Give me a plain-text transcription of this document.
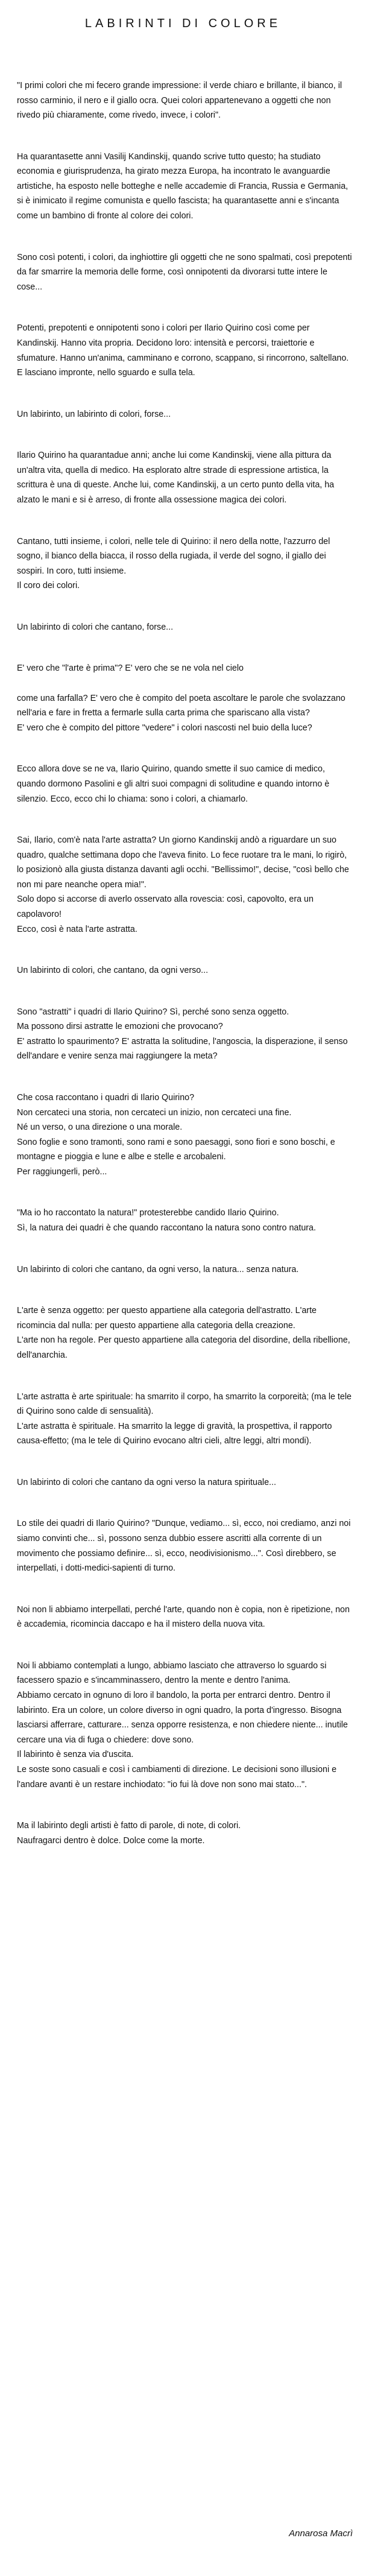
LABIRINTI DI COLORE

"I primi colori che mi fecero grande impressione: il verde chiaro e brillante, il bianco, il rosso carminio, il nero e il giallo ocra. Quei colori appartenevano a oggetti che non rivedo più chiaramente, come rivedo, invece, i colori".

Ha quarantasette anni Vasilij Kandinskij, quando scrive tutto questo; ha studiato economia e giurisprudenza, ha girato mezza Europa, ha incontrato le avanguardie artistiche, ha esposto nelle botteghe e nelle accademie di Francia, Russia e Germania, si è inimicato il regime comunista e quello fascista; ha quarantasette anni e s'incanta come un bambino di fronte al colore dei colori.

Sono così potenti, i colori, da inghiottire gli oggetti che ne sono spalmati, così prepotenti da far smarrire la memoria delle forme, così onnipotenti da divorarsi tutte intere le cose...

Potenti, prepotenti e onnipotenti sono i colori per Ilario Quirino così come per Kandinskij. Hanno vita propria. Decidono loro: intensità e percorsi, traiettorie e sfumature. Hanno un'anima, camminano e corrono, scappano, si rincorrono, saltellano. E lasciano impronte, nello sguardo e sulla tela.

Un labirinto, un labirinto di colori, forse...

Ilario Quirino ha quarantadue anni; anche lui come Kandinskij, viene alla pittura da un'altra vita, quella di medico. Ha esplorato altre strade di espressione artistica, la scrittura è una di queste. Anche lui, come Kandinskij, a un certo punto della vita, ha alzato le mani e si è arreso, di fronte alla ossessione magica dei colori.

Cantano, tutti insieme, i colori, nelle tele di Quirino: il nero della notte, l'azzurro del sogno, il bianco della biacca, il rosso della rugiada, il verde del sogno, il giallo dei sospiri. In coro, tutti insieme.
Il coro dei colori.

Un labirinto di colori che cantano, forse...

E' vero che "l'arte è prima"? E' vero che se ne vola nel cielo

come una farfalla? E' vero che è compito del poeta ascoltare le parole che svolazzano nell'aria e fare in fretta a fermarle sulla carta prima che spariscano alla vista?
E' vero che è compito del pittore "vedere" i colori nascosti nel buio della luce?

Ecco allora dove se ne va, Ilario Quirino, quando smette il suo camice di medico, quando dormono Pasolini e gli altri suoi compagni di solitudine e quando intorno è silenzio. Ecco, ecco chi lo chiama: sono i colori, a chiamarlo.

Sai, Ilario, com'è nata l'arte astratta? Un giorno Kandinskij andò a riguardare un suo quadro, qualche settimana dopo che l'aveva finito. Lo fece ruotare tra le mani, lo rigirò, lo posizionò alla giusta distanza davanti agli occhi. "Bellissimo!", decise, "così bello che non mi pare neanche opera mia!".
Solo dopo si accorse di averlo osservato alla rovescia: così, capovolto, era un capolavoro!
Ecco, così è nata l'arte astratta.

Un labirinto di colori, che cantano, da ogni verso...

Sono "astratti" i quadri di Ilario Quirino? Sì, perché sono senza oggetto.
Ma possono dirsi astratte le emozioni che provocano?
E' astratto lo spaurimento? E' astratta la solitudine, l'angoscia, la disperazione, il senso dell'andare e venire senza mai raggiungere la meta?

Che cosa raccontano i quadri di Ilario Quirino?
Non cercateci una storia, non cercateci un inizio, non cercateci una fine.
Né un verso, o una direzione o una morale.
Sono foglie e sono tramonti, sono rami e sono paesaggi, sono fiori e sono boschi, e montagne e pioggia e lune e albe e stelle e arcobaleni.
Per raggiungerli, però...

"Ma io ho raccontato la natura!" protesterebbe candido Ilario Quirino.
Sì, la natura dei quadri è che quando raccontano la natura sono contro natura.

Un labirinto di colori che cantano, da ogni verso, la natura... senza natura.

L'arte è senza oggetto: per questo appartiene alla categoria dell'astratto. L'arte ricomincia dal nulla: per questo appartiene alla categoria della creazione.
L'arte non ha regole. Per questo appartiene alla categoria del disordine, della ribellione, dell'anarchia.

L'arte astratta è arte spirituale: ha smarrito il corpo, ha smarrito la corporeità; (ma le tele di Quirino sono calde di sensualità).
L'arte astratta è spirituale. Ha smarrito la legge di gravità, la prospettiva, il rapporto causa-effetto; (ma le tele di Quirino evocano altri cieli, altre leggi, altri mondi).

Un labirinto di colori che cantano da ogni verso la natura spirituale...

Lo stile dei quadri di Ilario Quirino? "Dunque, vediamo... sì, ecco, noi crediamo, anzi noi siamo convinti che... sì, possono senza dubbio essere ascritti alla corrente di un movimento che possiamo definire... sì, ecco, neodivisionismo...". Così direbbero, se interpellati, i dotti-medici-sapienti di turno.

Noi non li abbiamo interpellati, perché l'arte, quando non è copia, non è ripetizione, non è accademia, ricomincia daccapo e ha il mistero della nuova vita.

Noi li abbiamo contemplati a lungo, abbiamo lasciato che attraverso lo sguardo si facessero spazio e s'incamminassero, dentro la mente e dentro l'anima.
Abbiamo cercato in ognuno di loro il bandolo, la porta per entrarci dentro. Dentro il labirinto. Era un colore, un colore diverso in ogni quadro, la porta d'ingresso. Bisogna lasciarsi afferrare, catturare... senza opporre resistenza, e non chiedere niente... inutile cercare una via di fuga o chiedere: dove sono.
Il labirinto è senza via d'uscita.
Le soste sono casuali e così i cambiamenti di direzione. Le decisioni sono illusioni e l'andare avanti è un restare inchiodato: "io fui là dove non sono mai stato...".

Ma il labirinto degli artisti è fatto di parole, di note, di colori.
Naufragarci dentro è dolce. Dolce come la morte.

Annarosa Macrì
